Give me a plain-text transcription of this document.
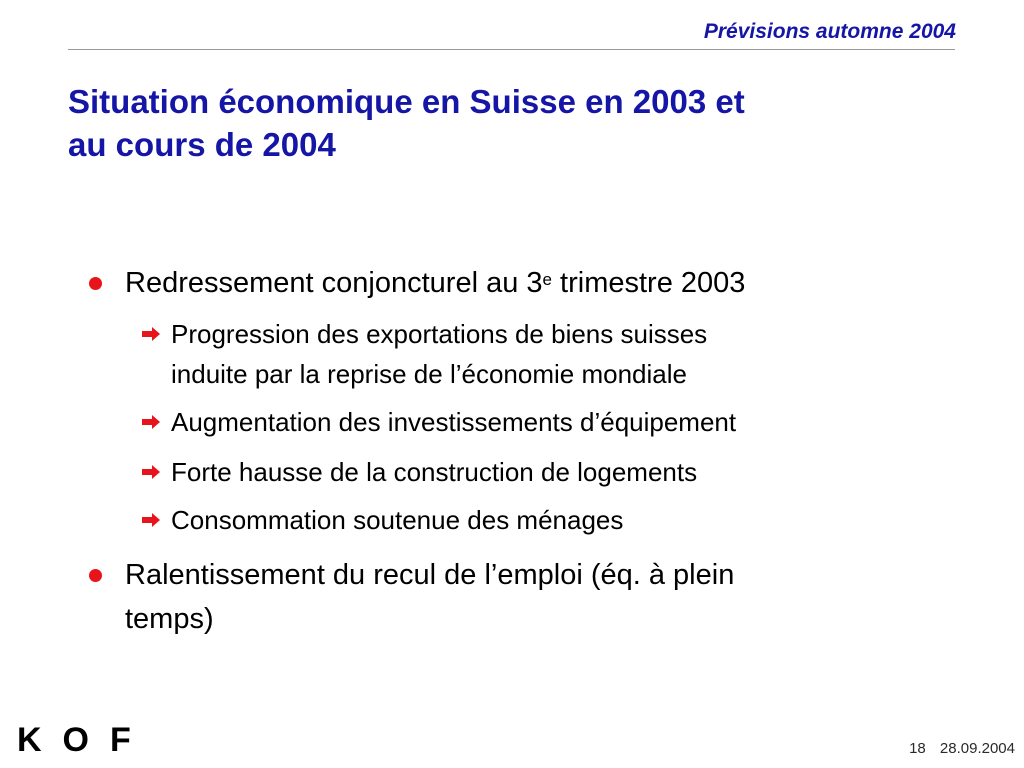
Prévisions automne 2004
Situation économique en Suisse en 2003 et
au cours de 2004
Redressement conjoncturel au 3e trimestre 2003
Progression des exportations de biens suisses
induite par la reprise de l’économie mondiale
Augmentation des investissements d’équipement
Forte hausse de la construction de logements
Consommation soutenue des ménages
Ralentissement du recul de l’emploi (éq. à plein
temps)
KOF	18 28.09.2004
